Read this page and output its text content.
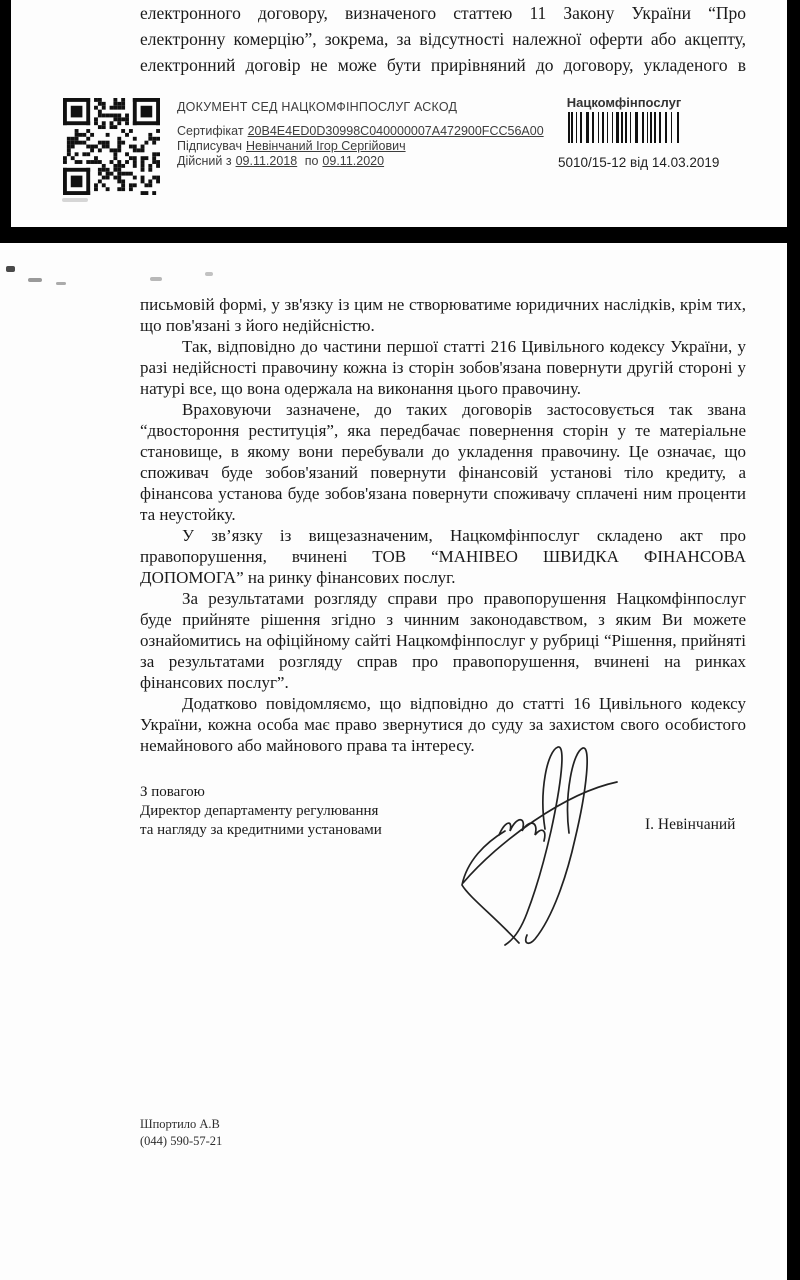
електронного договору, визначеного статтею 11 Закону України “Про
електронну комерцію”, зокрема, за відсутності належної оферти або акцепту,
електронний договір не може бути прирівняний до договору, укладеного в
ДОКУМЕНТ СЕД НАЦКОМФІНПОСЛУГ АСКОД
Сертифікат 20B4E4ED0D30998C040000007A472900FCC56A00
Підписувач Невінчаний Ігор Сергійович
Дійсний з 09.11.2018 по 09.11.2020
Нацкомфінпослуг
5010/15-12 від 14.03.2019

письмовій формі, у зв'язку із цим не створюватиме юридичних наслідків, крім тих, що пов'язані з його недійсністю.

Так, відповідно до частини першої статті 216 Цивільного кодексу України, у разі недійсності правочину кожна із сторін зобов'язана повернути другій стороні у натурі все, що вона одержала на виконання цього правочину.

Враховуючи зазначене, до таких договорів застосовується так звана “двостороння реституція”, яка передбачає повернення сторін у те матеріальне становище, в якому вони перебували до укладення правочину. Це означає, що споживач буде зобов'язаний повернути фінансовій установі тіло кредиту, а фінансова установа буде зобов'язана повернути споживачу сплачені ним проценти та неустойку.

У зв’язку із вищезазначеним, Нацкомфінпослуг складено акт про правопорушення, вчинені ТОВ “МАНІВЕО ШВИДКА ФІНАНСОВА ДОПОМОГА” на ринку фінансових послуг.

За результатами розгляду справи про правопорушення Нацкомфінпослуг буде прийняте рішення згідно з чинним законодавством, з яким Ви можете ознайомитись на офіційному сайті Нацкомфінпослуг у рубриці “Рішення, прийняті за результатами розгляду справ про правопорушення, вчинені на ринках фінансових послуг”.

Додатково повідомляємо, що відповідно до статті 16 Цивільного кодексу України, кожна особа має право звернутися до суду за захистом свого особистого немайнового або майнового права та інтересу.

З повагою
Директор департаменту регулювання
та нагляду за кредитними установами	І. Невінчаний
Шпортило А.В
(044) 590-57-21
